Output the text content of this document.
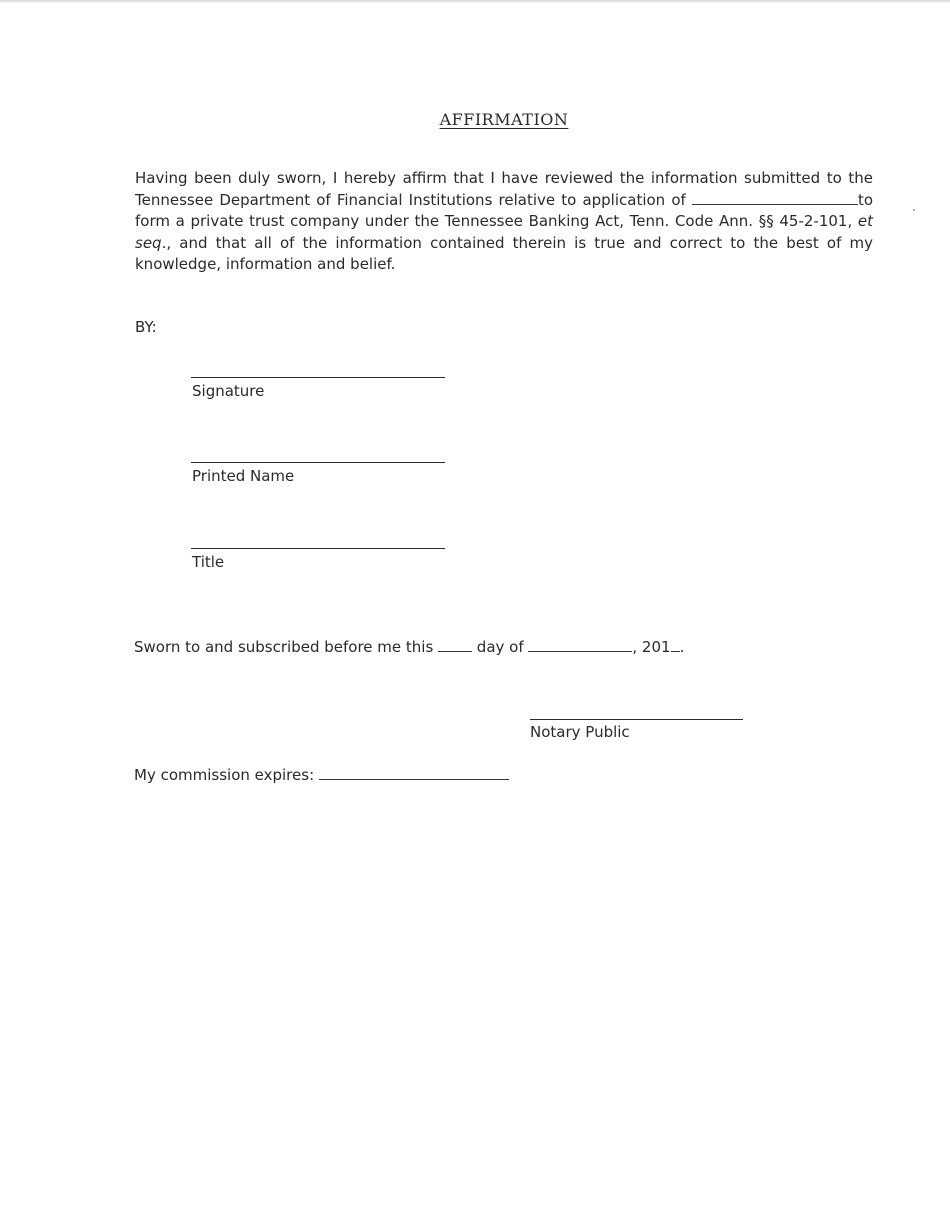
AFFIRMATION
Having been duly sworn, I hereby affirm that I have reviewed the information submitted to the Tennessee Department of Financial Institutions relative to application of	to form a private trust company under the Tennessee Banking Act, Tenn. Code Ann. §§ 45-2-101, et seq., and that all of the information contained therein is true and correct to the best of my knowledge, information and belief.
BY:
Signature
Printed Name
Title
Sworn to and subscribed before me this  day of	, 201 .
Notary Public
My commission expires:
